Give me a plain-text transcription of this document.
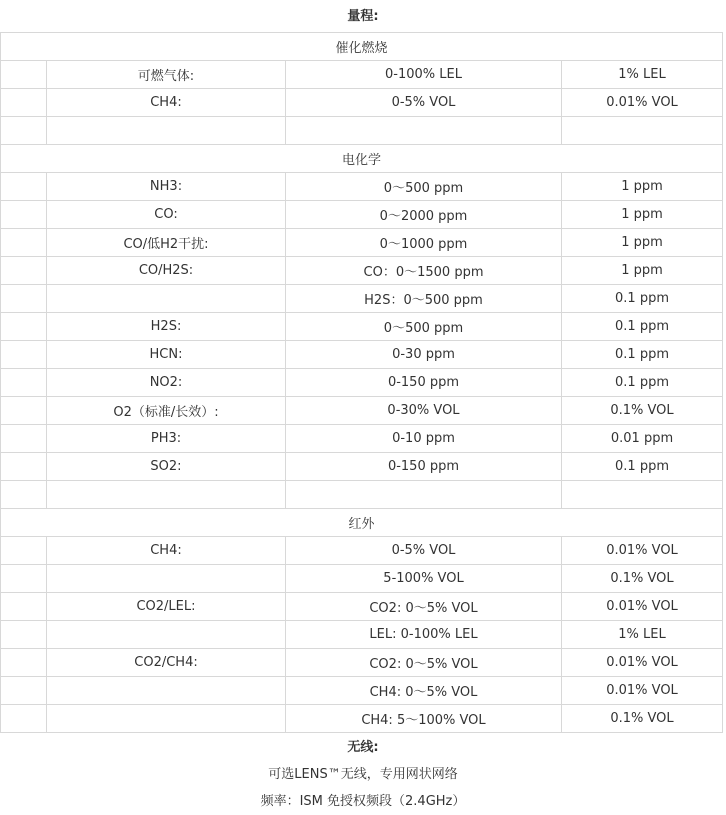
量程:
催化燃烧			
	可燃气体:	0-100% LEL	1% LEL
	CH4:	0-5% VOL	0.01% VOL

电化学			
	NH3:	0～500 ppm	1 ppm
	CO:	0～2000 ppm	1 ppm
	CO/低H2干扰:	0～1000 ppm	1 ppm
	CO/H2S:	CO：0～1500 ppm	1 ppm
		H2S：0～500 ppm	0.1 ppm
	H2S:	0～500 ppm	0.1 ppm
	HCN:	0-30 ppm	0.1 ppm
	NO2:	0-150 ppm	0.1 ppm
	O2（标准/长效）:	0-30% VOL	0.1% VOL
	PH3:	0-10 ppm	0.01 ppm
	SO2:	0-150 ppm	0.1 ppm

红外			
	CH4:	0-5% VOL	0.01% VOL
		5-100% VOL	0.1% VOL
	CO2/LEL:	CO2: 0～5% VOL	0.01% VOL
		LEL: 0-100% LEL	1% LEL
	CO2/CH4:	CO2: 0～5% VOL	0.01% VOL
		CH4: 0～5% VOL	0.01% VOL
		CH4: 5～100% VOL	0.1% VOL
无线:
可选LENS™无线，专用网状网络
频率：ISM 免授权频段（2.4GHz）
